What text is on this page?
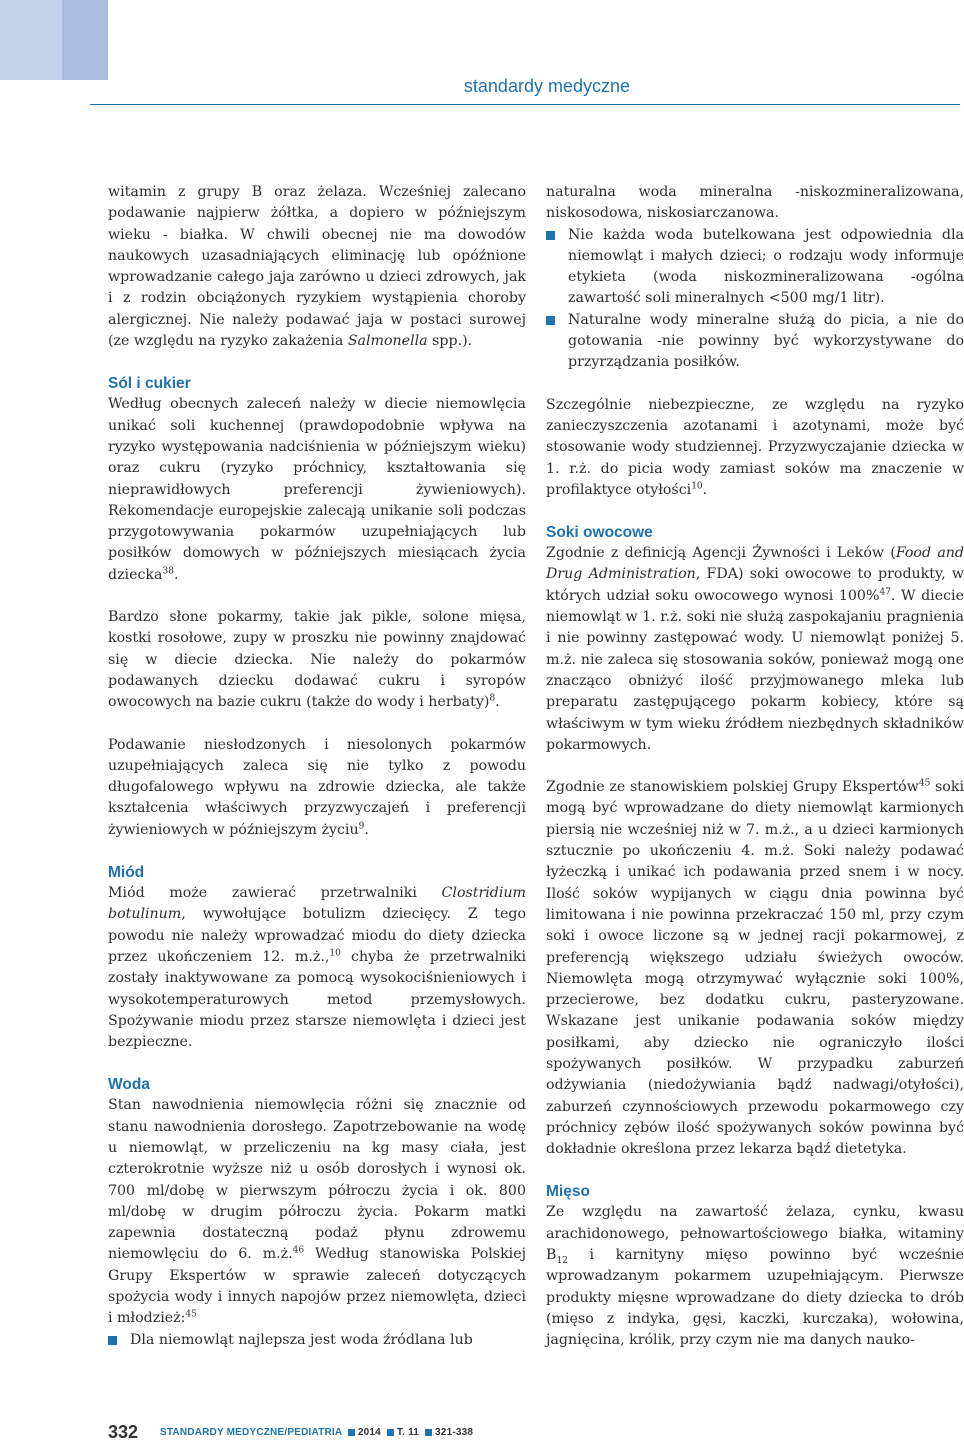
standardy medyczne

witamin z grupy B oraz żelaza. Wcześniej zalecano podawanie najpierw żółtka, a dopiero w późniejszym wieku - białka. W chwili obecnej nie ma dowodów naukowych uzasadniających eliminację lub opóźnione wprowadzanie całego jaja zarówno u dzieci zdrowych, jak i z rodzin obciążonych ryzykiem wystąpienia choroby alergicznej. Nie należy podawać jaja w postaci surowej (ze względu na ryzyko zakażenia Salmonella spp.).

Sól i cukier

Według obecnych zaleceń należy w diecie niemowlęcia unikać soli kuchennej (prawdopodobnie wpływa na ryzyko występowania nadciśnienia w późniejszym wieku) oraz cukru (ryzyko próchnicy, kształtowania się nieprawidłowych preferencji żywieniowych). Rekomendacje europejskie zalecają unikanie soli podczas przygotowywania pokarmów uzupełniających lub posiłków domowych w późniejszych miesiącach życia dziecka$^{38}$.

Bardzo słone pokarmy, takie jak pikle, solone mięsa, kostki rosołowe, zupy w proszku nie powinny znajdować się w diecie dziecka. Nie należy do pokarmów podawanych dziecku dodawać cukru i syropów owocowych na bazie cukru (także do wody i herbaty)$^8$.

Podawanie niesłodzonych i niesolonych pokarmów uzupełniających zaleca się nie tylko z powodu długofalowego wpływu na zdrowie dziecka, ale także kształcenia właściwych przyzwyczajeń i preferencji żywieniowych w późniejszym życiu$^9$.

Miód

Miód może zawierać przetrwalniki Clostridium botulinum, wywołujące botulizm dziecięcy. Z tego powodu nie należy wprowadzać miodu do diety dziecka przez ukończeniem 12. m.ż.,$^{10}$ chyba że przetrwalniki zostały inaktywowane za pomocą wysokociśnieniowych i wysokotemperaturowych metod przemysłowych. Spożywanie miodu przez starsze niemowlęta i dzieci jest bezpieczne.

Woda

Stan nawodnienia niemowlęcia różni się znacznie od stanu nawodnienia dorosłego. Zapotrzebowanie na wodę u niemowląt, w przeliczeniu na kg masy ciała, jest czterokrotnie wyższe niż u osób dorosłych i wynosi ok. 700 ml/dobę w pierwszym półroczu życia i ok. 800 ml/dobę w drugim półroczu życia. Pokarm matki zapewnia dostateczną podaż płynu zdrowemu niemowlęciu do 6. m.ż.$^{46}$ Według stanowiska Polskiej Grupy Ekspertów w sprawie zaleceń dotyczących spożycia wody i innych napojów przez niemowlęta, dzieci i młodzież:$^{45}$

Dla niemowląt najlepsza jest woda źródlana lub

naturalna woda mineralna -niskozmineralizowana, niskosodowa, niskosiarczanowa.

Nie każda woda butelkowana jest odpowiednia dla niemowląt i małych dzieci; o rodzaju wody informuje etykieta (woda niskozmineralizowana -ogólna zawartość soli mineralnych <500 mg/1 litr).

Naturalne wody mineralne służą do picia, a nie do gotowania -nie powinny być wykorzystywane do przyrządzania posiłków.

Szczególnie niebezpieczne, ze względu na ryzyko zanieczyszczenia azotanami i azotynami, może być stosowanie wody studziennej. Przyzwyczajanie dziecka w 1. r.ż. do picia wody zamiast soków ma znaczenie w profilaktyce otyłości$^{10}$.

Soki owocowe

Zgodnie z definicją Agencji Żywności i Leków (Food and Drug Administration, FDA) soki owocowe to produkty, w których udział soku owocowego wynosi 100%$^{47}$. W diecie niemowląt w 1. r.ż. soki nie służą zaspokajaniu pragnienia i nie powinny zastępować wody. U niemowląt poniżej 5. m.ż. nie zaleca się stosowania soków, ponieważ mogą one znacząco obniżyć ilość przyjmowanego mleka lub preparatu zastępującego pokarm kobiecy, które są właściwym w tym wieku źródłem niezbędnych składników pokarmowych.

Zgodnie ze stanowiskiem polskiej Grupy Ekspertów$^{45}$ soki mogą być wprowadzane do diety niemowląt karmionych piersią nie wcześniej niż w 7. m.ż., a u dzieci karmionych sztucznie po ukończeniu 4. m.ż. Soki należy podawać łyżeczką i unikać ich podawania przed snem i w nocy. Ilość soków wypijanych w ciągu dnia powinna być limitowana i nie powinna przekraczać 150 ml, przy czym soki i owoce liczone są w jednej racji pokarmowej, z preferencją większego udziału świeżych owoców. Niemowlęta mogą otrzymywać wyłącznie soki 100%, przecierowe, bez dodatku cukru, pasteryzowane. Wskazane jest unikanie podawania soków między posiłkami, aby dziecko nie ograniczyło ilości spożywanych posiłków. W przypadku zaburzeń odżywiania (niedożywiania bądź nadwagi/otyłości), zaburzeń czynnościowych przewodu pokarmowego czy próchnicy zębów ilość spożywanych soków powinna być dokładnie określona przez lekarza bądź dietetyka.

Mięso

Ze względu na zawartość żelaza, cynku, kwasu arachidonowego, pełnowartościowego białka, witaminy $B_{12}$ i karnityny mięso powinno być wcześnie wprowadzanym pokarmem uzupełniającym. Pierwsze produkty mięsne wprowadzane do diety dziecka to drób (mięso z indyka, gęsi, kaczki, kurczaka), wołowina, jagnięcina, królik, przy czym nie ma danych nauko-

332 STANDARDY MEDYCZNE/PEDIATRIA 2014 T. 11 321-338
